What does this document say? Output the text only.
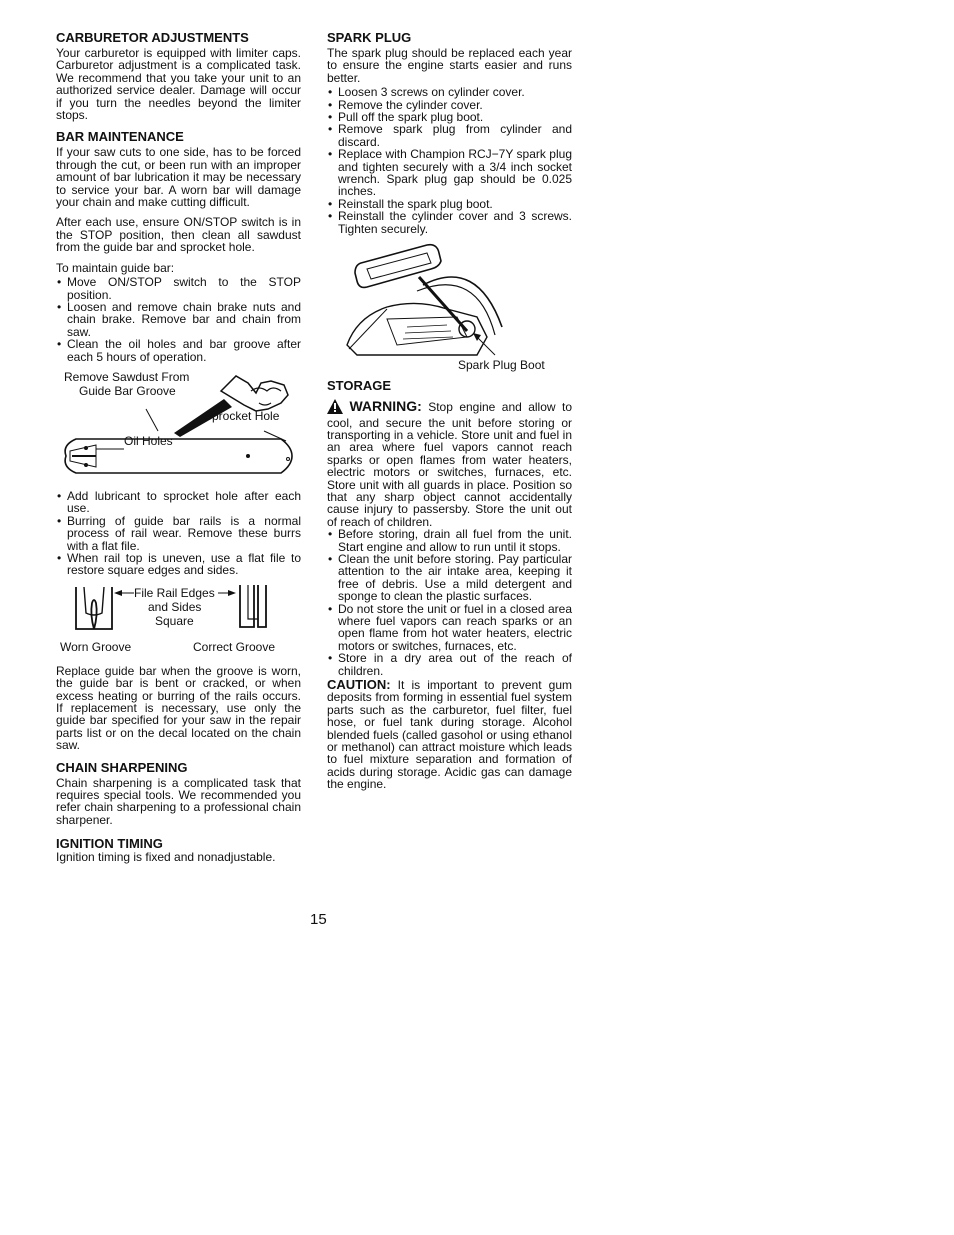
CARBURETOR ADJUSTMENTS

Your carburetor is equipped with limiter caps. Carburetor adjustment is a complicated task. We recommend that you take your unit to an authorized service dealer. Damage will occur if you turn the needles beyond the limiter stops.

BAR MAINTENANCE

If your saw cuts to one side, has to be forced through the cut, or been run with an improper amount of bar lubrication it may be necessary to service your bar. A worn bar will damage your chain and make cutting difficult.

After each use, ensure ON/STOP switch is in the STOP position, then clean all sawdust from the guide bar and sprocket hole.

To maintain guide bar:

• Move ON/STOP switch to the STOP position.
• Loosen and remove chain brake nuts and chain brake. Remove bar and chain from saw.
• Clean the oil holes and bar groove after each 5 hours of operation.
Remove Sawdust From
Guide Bar Groove
Sprocket Hole
Oil Holes
• Add lubricant to sprocket hole after each use.
• Burring of guide bar rails is a normal process of rail wear. Remove these burrs with a flat file.
• When rail top is uneven, use a flat file to restore square edges and sides.
File Rail Edges
and Sides
Square
Worn Groove	Correct Groove

Replace guide bar when the groove is worn, the guide bar is bent or cracked, or when excess heating or burring of the rails occurs. If replacement is necessary, use only the guide bar specified for your saw in the repair parts list or on the decal located on the chain saw.

CHAIN SHARPENING

Chain sharpening is a complicated task that requires special tools. We recommended you refer chain sharpening to a professional chain sharpener.

IGNITION TIMING

Ignition timing is fixed and nonadjustable.

SPARK PLUG

The spark plug should be replaced each year to ensure the engine starts easier and runs better.

• Loosen 3 screws on cylinder cover.
• Remove the cylinder cover.
• Pull off the spark plug boot.
• Remove spark plug from cylinder and discard.
• Replace with Champion RCJ−7Y spark plug and tighten securely with a 3/4 inch socket wrench. Spark plug gap should be 0.025 inches.
• Reinstall the spark plug boot.
• Reinstall the cylinder cover and 3 screws. Tighten securely.
Spark Plug Boot
STORAGE

WARNING: Stop engine and allow to cool, and secure the unit before storing or transporting in a vehicle. Store unit and fuel in an area where fuel vapors cannot reach sparks or open flames from water heaters, electric motors or switches, furnaces, etc. Store unit with all guards in place. Position so that any sharp object cannot accidentally cause injury to passersby. Store the unit out of reach of children.

• Before storing, drain all fuel from the unit. Start engine and allow to run until it stops.
• Clean the unit before storing. Pay particular attention to the air intake area, keeping it free of debris. Use a mild detergent and sponge to clean the plastic surfaces.
• Do not store the unit or fuel in a closed area where fuel vapors can reach sparks or an open flame from hot water heaters, electric motors or switches, furnaces, etc.
• Store in a dry area out of the reach of children.

CAUTION: It is important to prevent gum deposits from forming in essential fuel system parts such as the carburetor, fuel filter, fuel hose, or fuel tank during storage. Alcohol blended fuels (called gasohol or using ethanol or methanol) can attract moisture which leads to fuel mixture separation and formation of acids during storage. Acidic gas can damage the engine.

15
